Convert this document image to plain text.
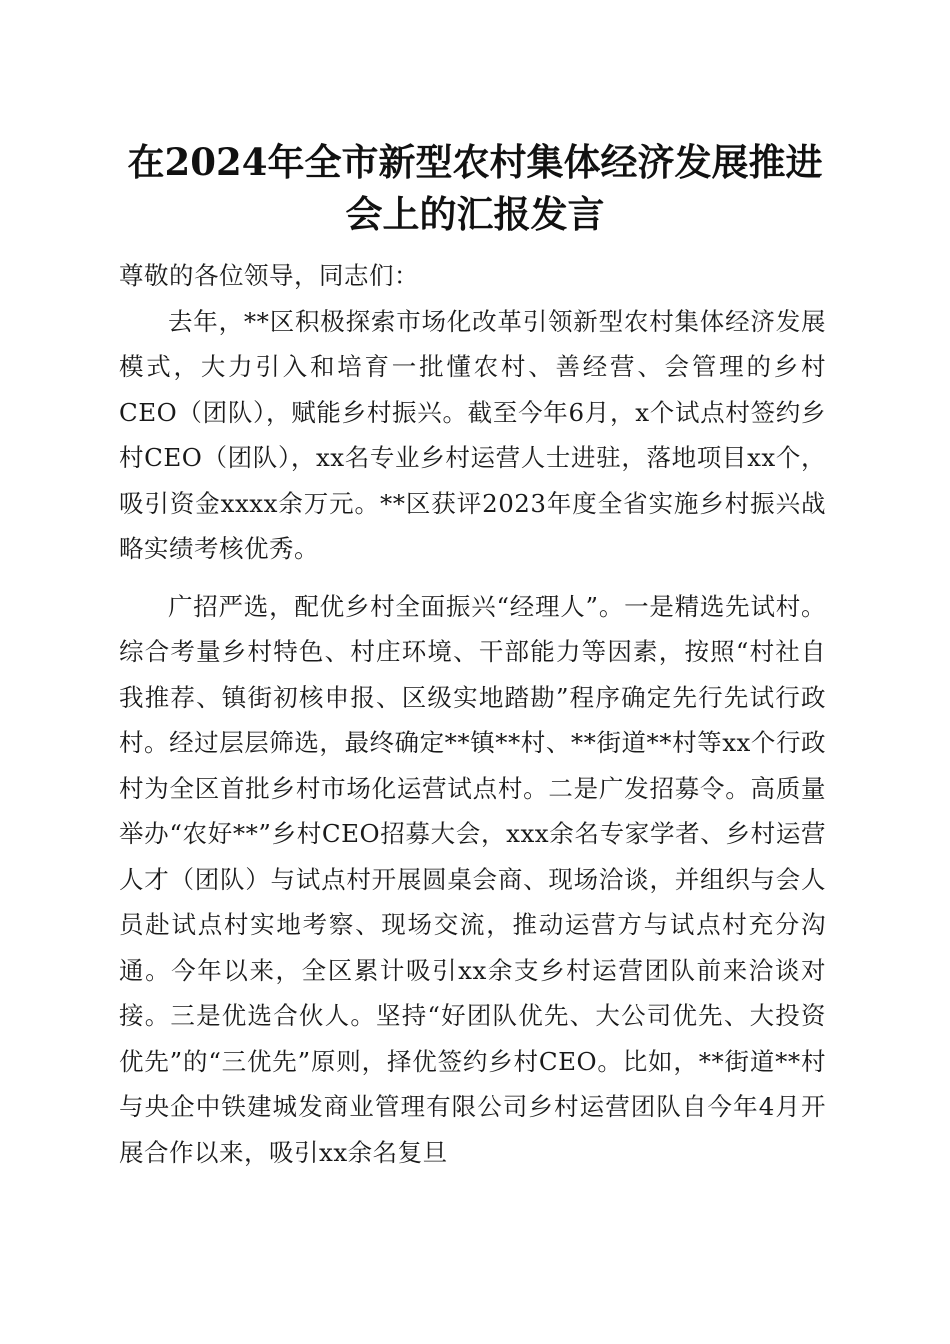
在2024年全市新型农村集体经济发展推进会上的汇报发言

尊敬的各位领导，同志们：

去年，**区积极探索市场化改革引领新型农村集体经济发展模式，大力引入和培育一批懂农村、善经营、会管理的乡村CEO（团队），赋能乡村振兴。截至今年6月，x个试点村签约乡村CEO（团队），xx名专业乡村运营人士进驻，落地项目xx个，吸引资金xxxx余万元。**区获评2023年度全省实施乡村振兴战略实绩考核优秀。

广招严选，配优乡村全面振兴“经理人”。一是精选先试村。综合考量乡村特色、村庄环境、干部能力等因素，按照“村社自我推荐、镇街初核申报、区级实地踏勘”程序确定先行先试行政村。经过层层筛选，最终确定**镇**村、**街道**村等xx个行政村为全区首批乡村市场化运营试点村。二是广发招募令。高质量举办“农好**”乡村CEO招募大会，xxx余名专家学者、乡村运营人才（团队）与试点村开展圆桌会商、现场洽谈，并组织与会人员赴试点村实地考察、现场交流，推动运营方与试点村充分沟通。今年以来，全区累计吸引xx余支乡村运营团队前来洽谈对接。三是优选合伙人。坚持“好团队优先、大公司优先、大投资优先”的“三优先”原则，择优签约乡村CEO。比如，**街道**村与央企中铁建城发商业管理有限公司乡村运营团队自今年4月开展合作以来，吸引xx余名复旦
